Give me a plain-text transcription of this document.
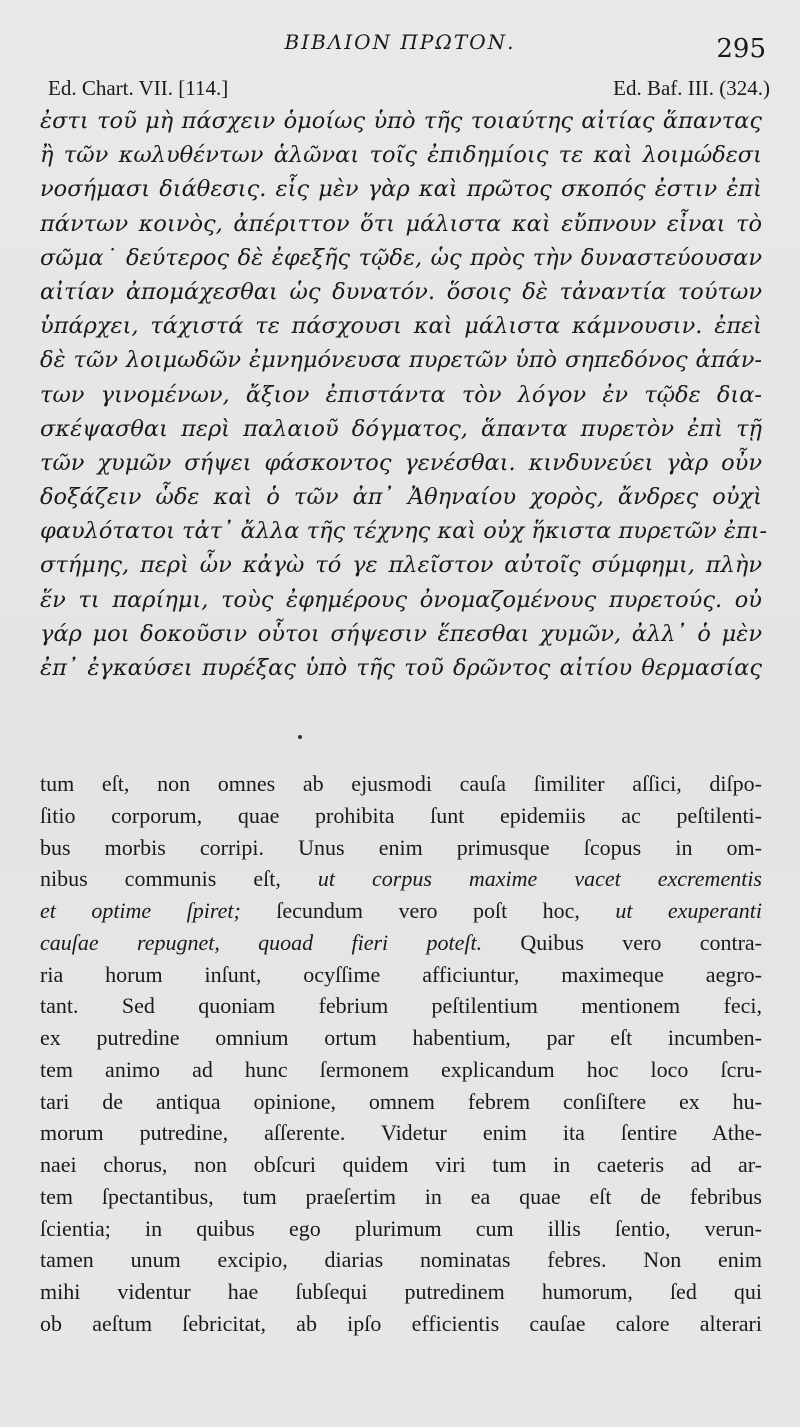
ΒΙΒΛΙΟΝ ΠΡΩΤΟΝ.	295
Ed. Chart. VII. [114.]	Ed. Baf. III. (324.)
ἐστι τοῦ μὴ πάσχειν ὁμοίως ὑπὸ τῆς τοιαύτης αἰτίας ἅπαντας
ἢ τῶν κωλυθέντων ἁλῶναι τοῖς ἐπιδημίοις τε καὶ λοιμώδεσι
νοσήμασι διάθεσις. εἷς μὲν γὰρ καὶ πρῶτος σκοπός ἐστιν ἐπὶ
πάντων κοινὸς, ἀπέριττον ὅτι μάλιστα καὶ εὔπνουν εἶναι τὸ
σῶμα˙ δεύτερος δὲ ἐφεξῆς τῷδε, ὡς πρὸς τὴν δυναστεύουσαν
αἰτίαν ἀπομάχεσθαι ὡς δυνατόν. ὅσοις δὲ τἀναντία τούτων
ὑπάρχει, τάχιστά τε πάσχουσι καὶ μάλιστα κάμνουσιν. ἐπεὶ
δὲ τῶν λοιμωδῶν ἐμνημόνευσα πυρετῶν ὑπὸ σηπεδόνος ἁπάν-
των γινομένων, ἄξιον ἐπιστάντα τὸν λόγον ἐν τῷδε δια-
σκέψασθαι περὶ παλαιοῦ δόγματος, ἅπαντα πυρετὸν ἐπὶ τῇ
τῶν χυμῶν σήψει φάσκοντος γενέσθαι. κινδυνεύει γὰρ οὖν
δοξάζειν ὧδε καὶ ὁ τῶν ἀπ᾿ Ἀθηναίου χορὸς, ἄνδρες οὐχὶ
φαυλότατοι τἀτ᾿ ἄλλα τῆς τέχνης καὶ οὐχ ἥκιστα πυρετῶν ἐπι-
στήμης, περὶ ὧν κἀγὼ τό γε πλεῖστον αὐτοῖς σύμφημι, πλὴν
ἕν τι παρίημι, τοὺς ἐφημέρους ὀνομαζομένους πυρετούς. οὐ
γάρ μοι δοκοῦσιν οὗτοι σήψεσιν ἕπεσθαι χυμῶν, ἀλλ᾿ ὁ μὲν
ἐπ᾿ ἐγκαύσει πυρέξας ὑπὸ τῆς τοῦ δρῶντος αἰτίου θερμασίας
tum eſt, non omnes ab ejusmodi cauſa ſimiliter aſſici, diſpo-
ſitio corporum, quae prohibita ſunt epidemiis ac peſtilenti-
bus morbis corripi. Unus enim primusque ſcopus in om-
nibus communis eſt, ut corpus maxime vacet excrementis
et optime ſpiret; ſecundum vero poſt hoc, ut exuperanti
cauſae repugnet, quoad fieri poteſt. Quibus vero contra-
ria horum inſunt, ocyſſime afficiuntur, maximeque aegro-
tant. Sed quoniam febrium peſtilentium mentionem feci,
ex putredine omnium ortum habentium, par eſt incumben-
tem animo ad hunc ſermonem explicandum hoc loco ſcru-
tari de antiqua opinione, omnem febrem conſiſtere ex hu-
morum putredine, aſſerente. Videtur enim ita ſentire Athe-
naei chorus, non obſcuri quidem viri tum in caeteris ad ar-
tem ſpectantibus, tum praeſertim in ea quae eſt de febribus
ſcientia; in quibus ego plurimum cum illis ſentio, verun-
tamen unum excipio, diarias nominatas febres. Non enim
mihi videntur hae ſubſequi putredinem humorum, ſed qui
ob aeſtum ſebricitat, ab ipſo efficientis cauſae calore alterari
